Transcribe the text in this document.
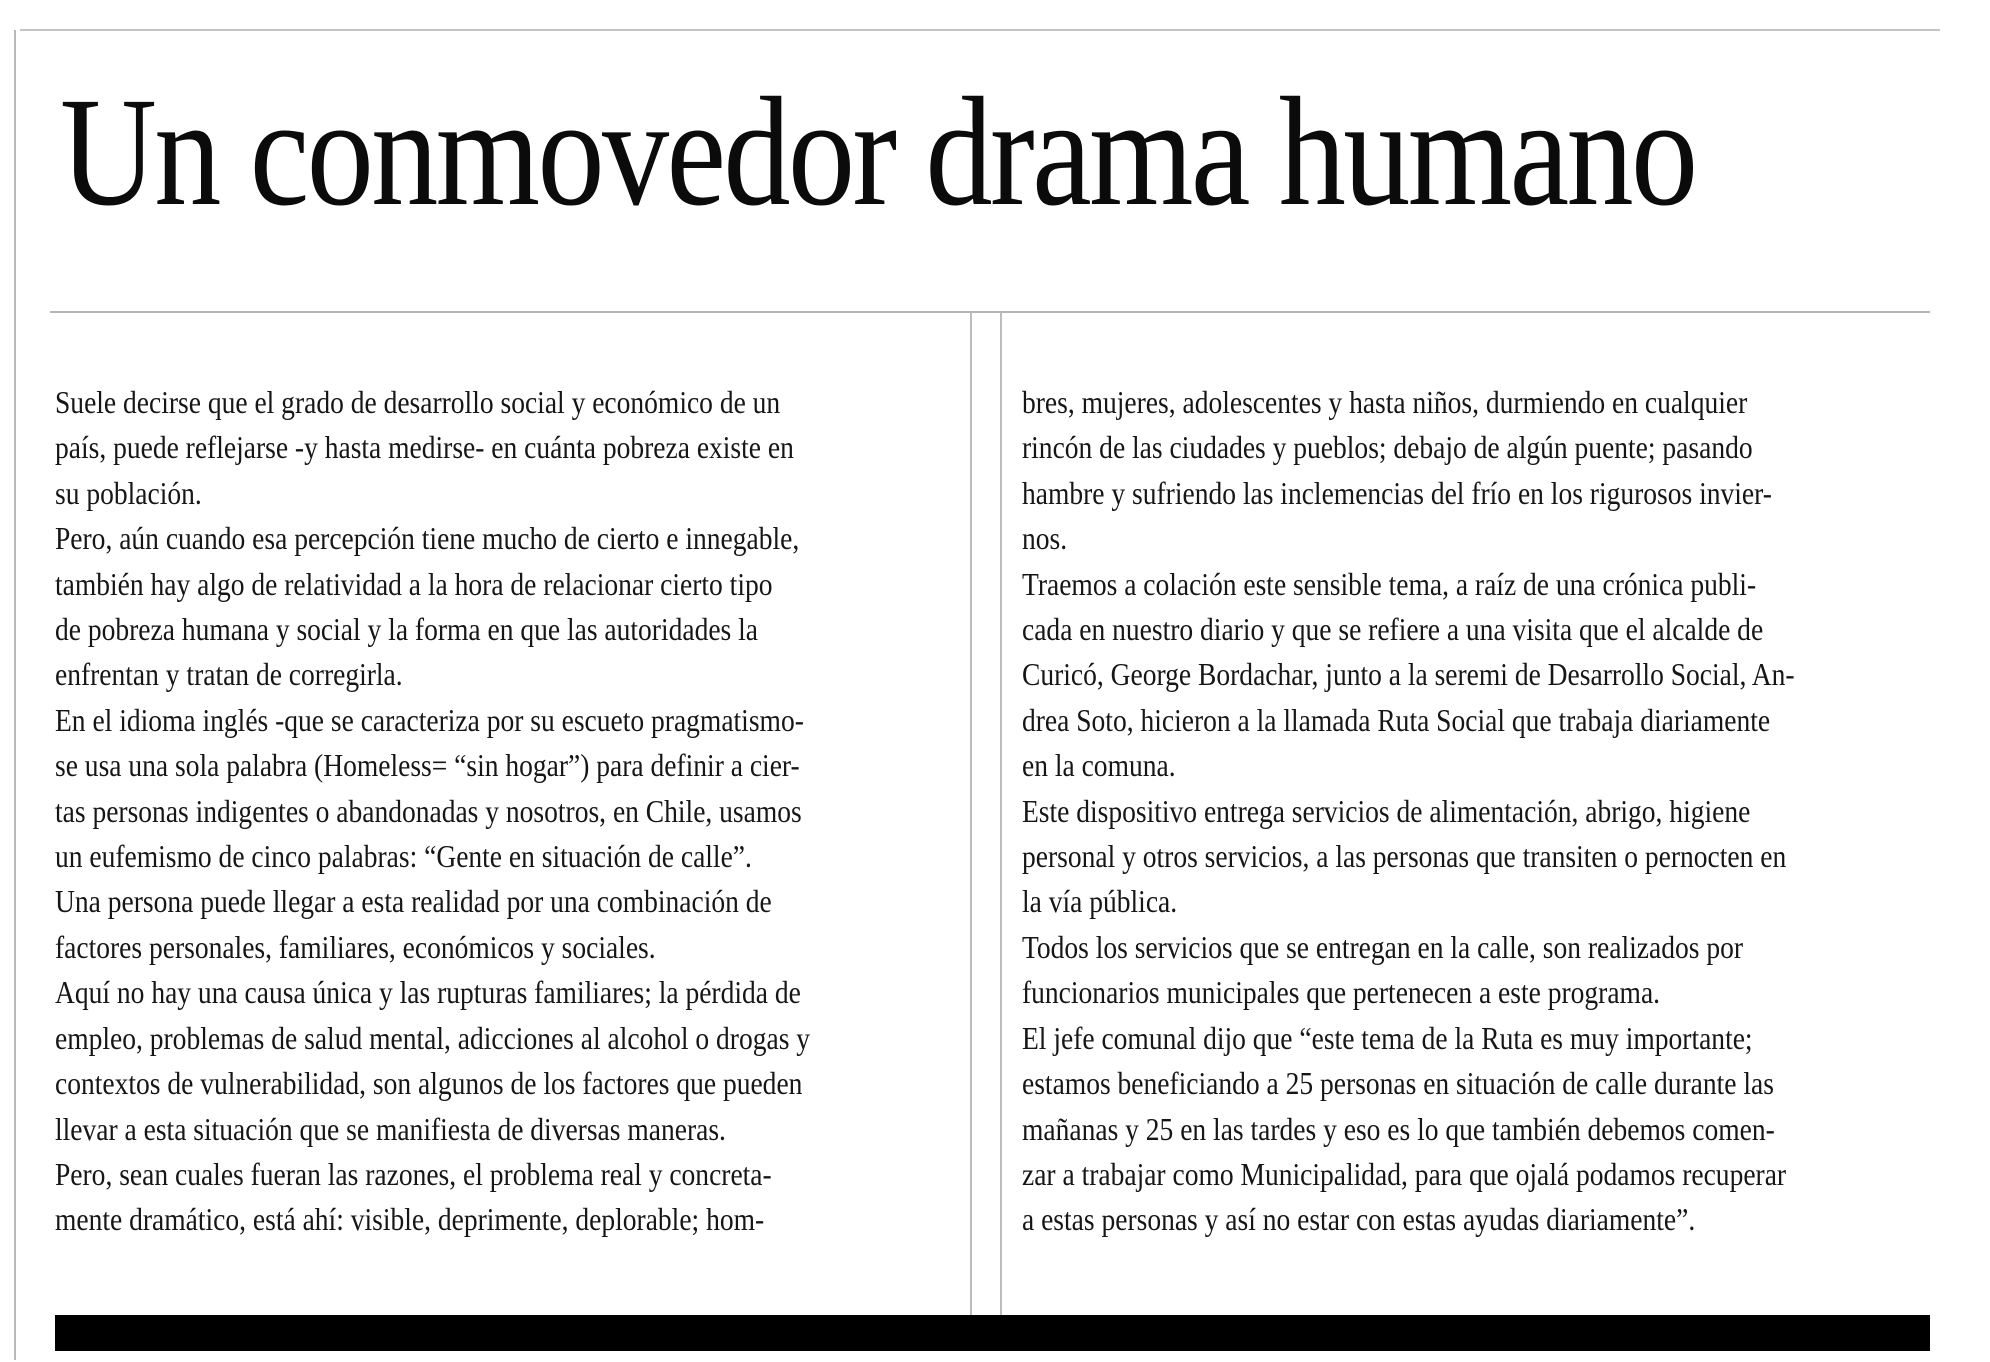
Un conmovedor drama humano
Suele decirse que el grado de desarrollo social y económico de un
país, puede reflejarse -y hasta medirse- en cuánta pobreza existe en
su población.
Pero, aún cuando esa percepción tiene mucho de cierto e innegable,
también hay algo de relatividad a la hora de relacionar cierto tipo
de pobreza humana y social y la forma en que las autoridades la
enfrentan y tratan de corregirla.
En el idioma inglés -que se caracteriza por su escueto pragmatismo-
se usa una sola palabra (Homeless= “sin hogar”) para definir a cier-
tas personas indigentes o abandonadas y nosotros, en Chile, usamos
un eufemismo de cinco palabras: “Gente en situación de calle”.
Una persona puede llegar a esta realidad por una combinación de
factores personales, familiares, económicos y sociales.
Aquí no hay una causa única y las rupturas familiares; la pérdida de
empleo, problemas de salud mental, adicciones al alcohol o drogas y
contextos de vulnerabilidad, son algunos de los factores que pueden
llevar a esta situación que se manifiesta de diversas maneras.
Pero, sean cuales fueran las razones, el problema real y concreta-
mente dramático, está ahí: visible, deprimente, deplorable; hom-
bres, mujeres, adolescentes y hasta niños, durmiendo en cualquier
rincón de las ciudades y pueblos; debajo de algún puente; pasando
hambre y sufriendo las inclemencias del frío en los rigurosos invier-
nos.
Traemos a colación este sensible tema, a raíz de una crónica publi-
cada en nuestro diario y que se refiere a una visita que el alcalde de
Curicó, George Bordachar, junto a la seremi de Desarrollo Social, An-
drea Soto, hicieron a la llamada Ruta Social que trabaja diariamente
en la comuna.
Este dispositivo entrega servicios de alimentación, abrigo, higiene
personal y otros servicios, a las personas que transiten o pernocten en
la vía pública.
Todos los servicios que se entregan en la calle, son realizados por
funcionarios municipales que pertenecen a este programa.
El jefe comunal dijo que “este tema de la Ruta es muy importante;
estamos beneficiando a 25 personas en situación de calle durante las
mañanas y 25 en las tardes y eso es lo que también debemos comen-
zar a trabajar como Municipalidad, para que ojalá podamos recuperar
a estas personas y así no estar con estas ayudas diariamente”.
